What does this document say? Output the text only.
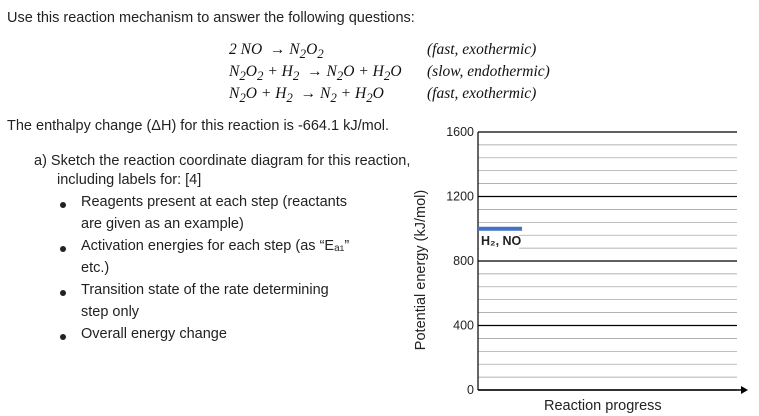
Use this reaction mechanism to answer the following questions:
2 NO  → $N_2O_2$	(fast, exothermic)
$N_2O_2 + H_2 \to N_2O + H_2O$ (slow, endothermic)
$N_2O + H_2 \to N_2 + H_2O$	(fast, exothermic)
The enthalpy change (ΔH) for this reaction is -664.1 kJ/mol.
a) Sketch the reaction coordinate diagram for this reaction,
including labels for: [4]
Reagents present at each step (reactants
are given as an example)
Activation energies for each step (as “Eₐ₁”
etc.)
Transition state of the rate determining
step only
Overall energy change	Potential energy (kJ/mol)
Reaction progress
1600
1200
800
400
0
H₂, NO
